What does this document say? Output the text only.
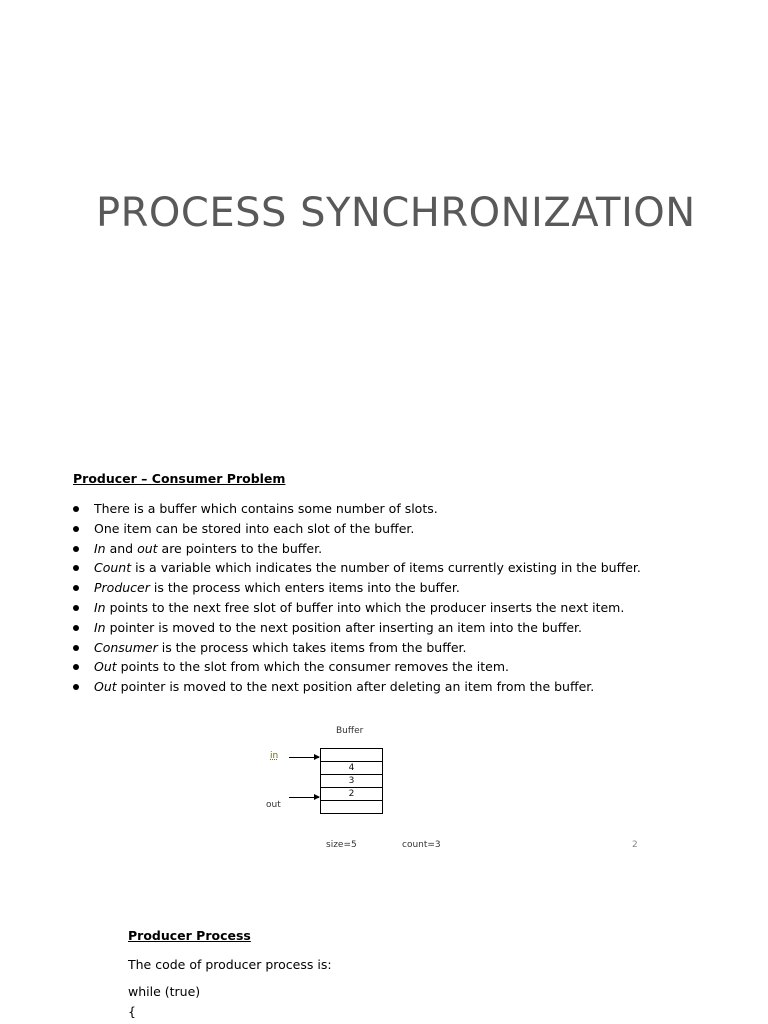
PROCESS SYNCHRONIZATION
Producer – Consumer Problem
There is a buffer which contains some number of slots.
One item can be stored into each slot of the buffer.
In and out are pointers to the buffer.
Count is a variable which indicates the number of items currently existing in the buffer.
Producer is the process which enters items into the buffer.
In points to the next free slot of buffer into which the producer inserts the next item.
In pointer is moved to the next position after inserting an item into the buffer.
Consumer is the process which takes items from the buffer.
Out points to the slot from which the consumer removes the item.
Out pointer is moved to the next position after deleting an item from the buffer.
Buffer
in
out
4
3
2
size=5	count=3	2
Producer Process
The code of producer process is:
while (true)
{
